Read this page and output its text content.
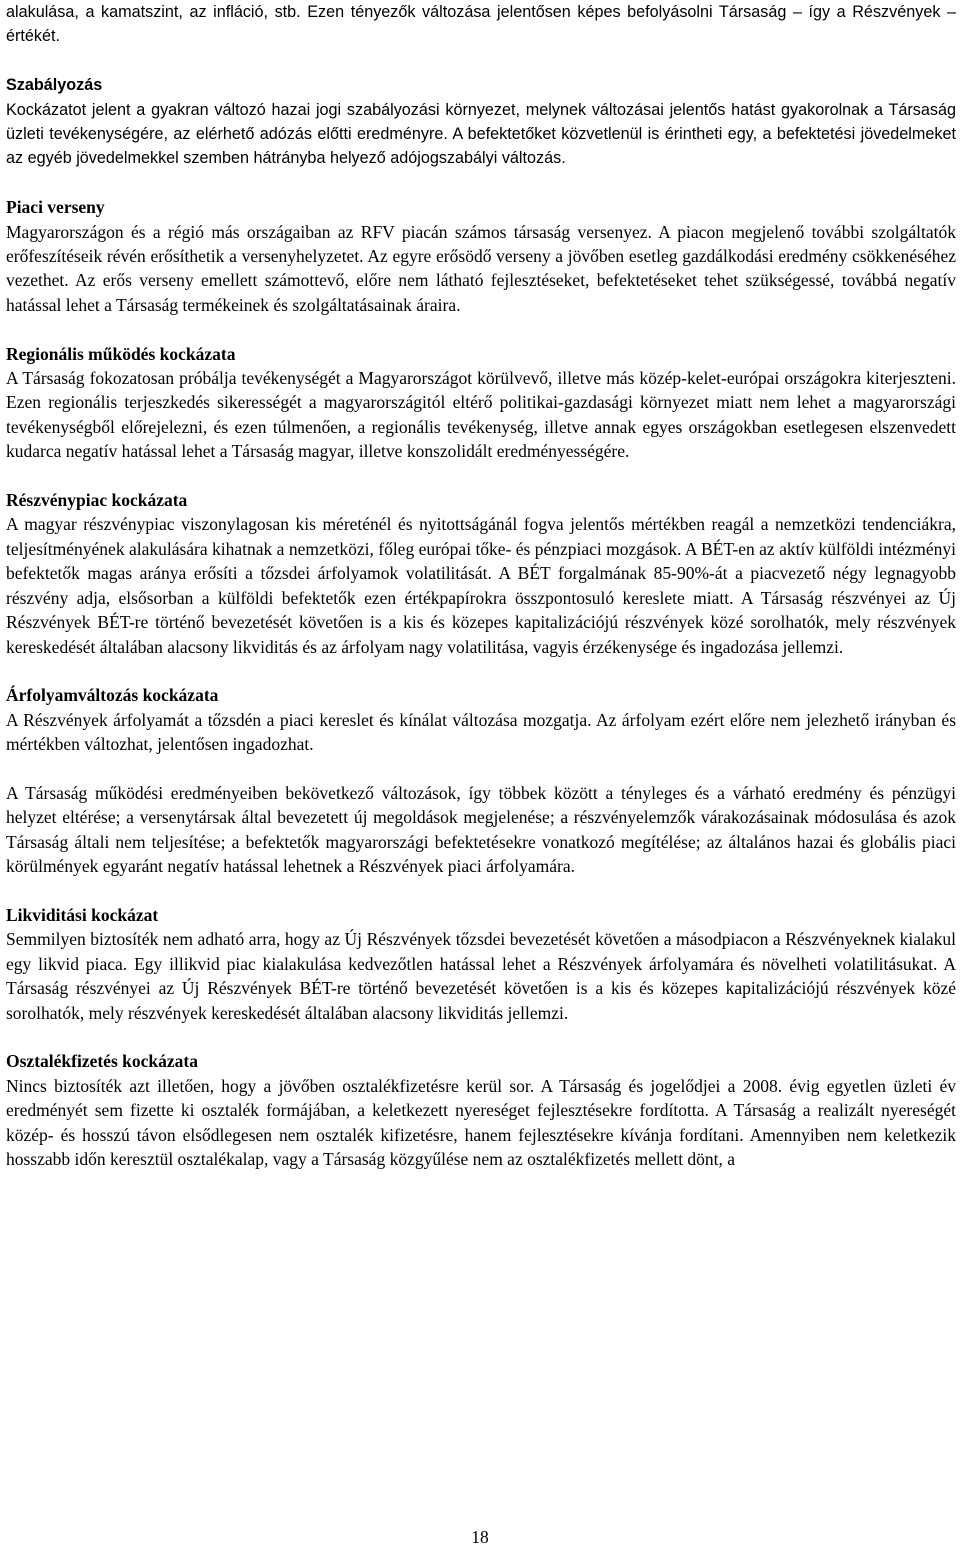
alakulása, a kamatszint, az infláció, stb. Ezen tényezők változása jelentősen képes befolyásolni Társaság – így a Részvények – értékét.

Szabályozás

Kockázatot jelent a gyakran változó hazai jogi szabályozási környezet, melynek változásai jelentős hatást gyakorolnak a Társaság üzleti tevékenységére, az elérhető adózás előtti eredményre. A befektetőket közvetlenül is érintheti egy, a befektetési jövedelmeket az egyéb jövedelmekkel szemben hátrányba helyező adójogszabályi változás.

Piaci verseny

Magyarországon és a régió más országaiban az RFV piacán számos társaság versenyez. A piacon megjelenő további szolgáltatók erőfeszítéseik révén erősíthetik a versenyhelyzetet. Az egyre erősödő verseny a jövőben esetleg gazdálkodási eredmény csökkenéséhez vezethet. Az erős verseny emellett számottevő, előre nem látható fejlesztéseket, befektetéseket tehet szükségessé, továbbá negatív hatással lehet a Társaság termékeinek és szolgáltatásainak áraira.

Regionális működés kockázata

A Társaság fokozatosan próbálja tevékenységét a Magyarországot körülvevő, illetve más közép-kelet-európai országokra kiterjeszteni. Ezen regionális terjeszkedés sikerességét a magyarországitól eltérő politikai-gazdasági környezet miatt nem lehet a magyarországi tevékenységből előrejelezni, és ezen túlmenően, a regionális tevékenység, illetve annak egyes országokban esetlegesen elszenvedett kudarca negatív hatással lehet a Társaság magyar, illetve konszolidált eredményességére.

Részvénypiac kockázata

A magyar részvénypiac viszonylagosan kis méreténél és nyitottságánál fogva jelentős mértékben reagál a nemzetközi tendenciákra, teljesítményének alakulására kihatnak a nemzetközi, főleg európai tőke- és pénzpiaci mozgások. A BÉT-en az aktív külföldi intézményi befektetők magas aránya erősíti a tőzsdei árfolyamok volatilitását. A BÉT forgalmának 85-90%-át a piacvezető négy legnagyobb részvény adja, elsősorban a külföldi befektetők ezen értékpapírokra összpontosuló kereslete miatt. A Társaság részvényei az Új Részvények BÉT-re történő bevezetését követően is a kis és közepes kapitalizációjú részvények közé sorolhatók, mely részvények kereskedését általában alacsony likviditás és az árfolyam nagy volatilitása, vagyis érzékenysége és ingadozása jellemzi.

Árfolyamváltozás kockázata

A Részvények árfolyamát a tőzsdén a piaci kereslet és kínálat változása mozgatja. Az árfolyam ezért előre nem jelezhető irányban és mértékben változhat, jelentősen ingadozhat.

A Társaság működési eredményeiben bekövetkező változások, így többek között a tényleges és a várható eredmény és pénzügyi helyzet eltérése; a versenytársak által bevezetett új megoldások megjelenése; a részvényelemzők várakozásainak módosulása és azok Társaság általi nem teljesítése; a befektetők magyarországi befektetésekre vonatkozó megítélése; az általános hazai és globális piaci körülmények egyaránt negatív hatással lehetnek a Részvények piaci árfolyamára.

Likviditási kockázat

Semmilyen biztosíték nem adható arra, hogy az Új Részvények tőzsdei bevezetését követően a másodpiacon a Részvényeknek kialakul egy likvid piaca. Egy illikvid piac kialakulása kedvezőtlen hatással lehet a Részvények árfolyamára és növelheti volatilitásukat. A Társaság részvényei az Új Részvények BÉT-re történő bevezetését követően is a kis és közepes kapitalizációjú részvények közé sorolhatók, mely részvények kereskedését általában alacsony likviditás jellemzi.

Osztalékfizetés kockázata

Nincs biztosíték azt illetően, hogy a jövőben osztalékfizetésre kerül sor. A Társaság és jogelődjei a 2008. évig egyetlen üzleti év eredményét sem fizette ki osztalék formájában, a keletkezett nyereséget fejlesztésekre fordította. A Társaság a realizált nyereségét közép- és hosszú távon elsődlegesen nem osztalék kifizetésre, hanem fejlesztésekre kívánja fordítani. Amennyiben nem keletkezik hosszabb időn keresztül osztalékalap, vagy a Társaság közgyűlése nem az osztalékfizetés mellett dönt, a

18
